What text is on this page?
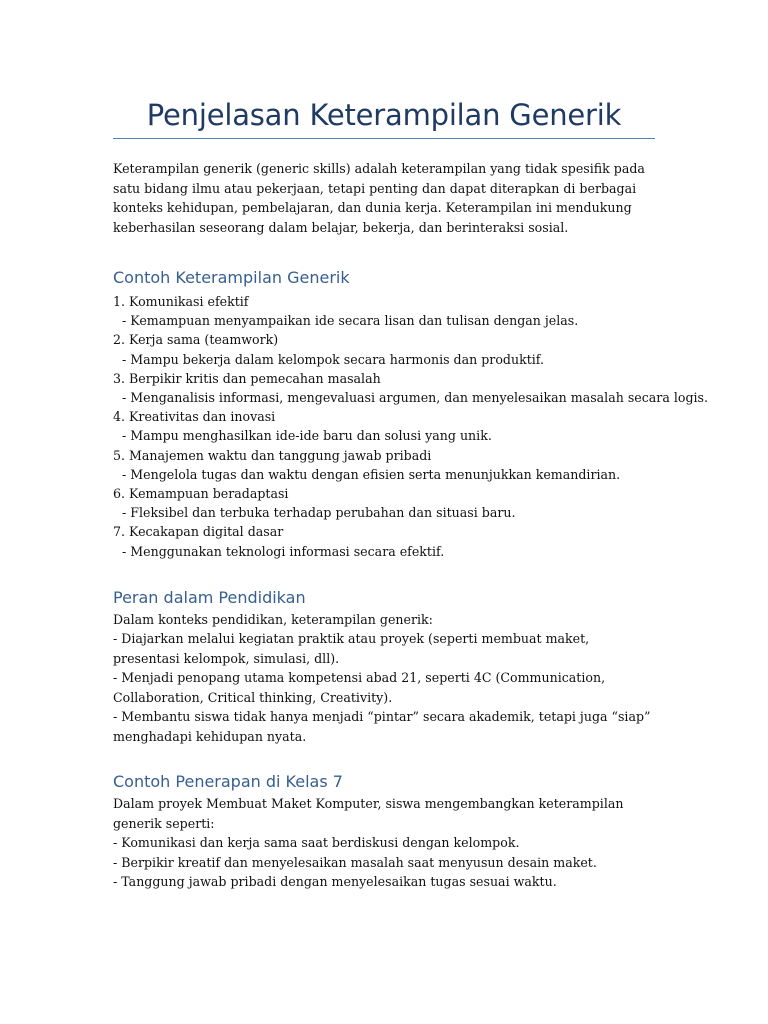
Penjelasan Keterampilan Generik

Keterampilan generik (generic skills) adalah keterampilan yang tidak spesifik pada satu bidang ilmu atau pekerjaan, tetapi penting dan dapat diterapkan di berbagai konteks kehidupan, pembelajaran, dan dunia kerja. Keterampilan ini mendukung keberhasilan seseorang dalam belajar, bekerja, dan berinteraksi sosial.

Contoh Keterampilan Generik
1. Komunikasi efektif
- Kemampuan menyampaikan ide secara lisan dan tulisan dengan jelas.
2. Kerja sama (teamwork)
- Mampu bekerja dalam kelompok secara harmonis dan produktif.
3. Berpikir kritis dan pemecahan masalah
- Menganalisis informasi, mengevaluasi argumen, dan menyelesaikan masalah secara logis.
4. Kreativitas dan inovasi
- Mampu menghasilkan ide-ide baru dan solusi yang unik.
5. Manajemen waktu dan tanggung jawab pribadi
- Mengelola tugas dan waktu dengan efisien serta menunjukkan kemandirian.
6. Kemampuan beradaptasi
- Fleksibel dan terbuka terhadap perubahan dan situasi baru.
7. Kecakapan digital dasar
- Menggunakan teknologi informasi secara efektif.
Peran dalam Pendidikan

Dalam konteks pendidikan, keterampilan generik:

- Diajarkan melalui kegiatan praktik atau proyek (seperti membuat maket, presentasi kelompok, simulasi, dll).

- Menjadi penopang utama kompetensi abad 21, seperti 4C (Communication, Collaboration, Critical thinking, Creativity).

- Membantu siswa tidak hanya menjadi “pintar” secara akademik, tetapi juga “siap” menghadapi kehidupan nyata.

Contoh Penerapan di Kelas 7

Dalam proyek Membuat Maket Komputer, siswa mengembangkan keterampilan generik seperti:

- Komunikasi dan kerja sama saat berdiskusi dengan kelompok.

- Berpikir kreatif dan menyelesaikan masalah saat menyusun desain maket.

- Tanggung jawab pribadi dengan menyelesaikan tugas sesuai waktu.
